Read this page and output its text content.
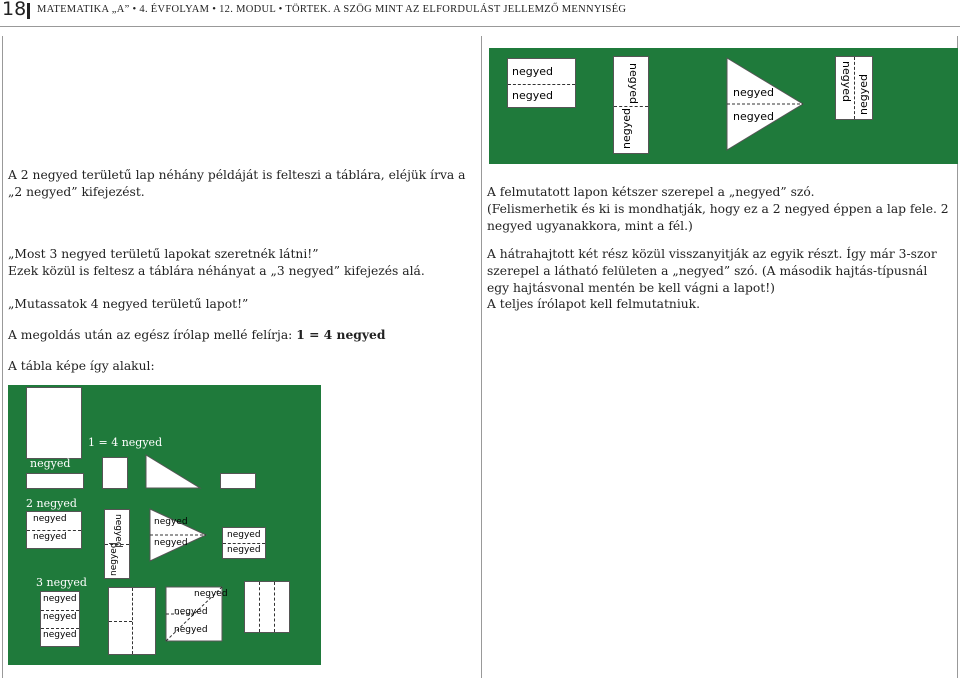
18 MATEMATIKA „A” • 4. ÉVFOLYAM • 12. MODUL • TÖRTEK. A SZÖG MINT AZ ELFORDULÁST JELLEMZŐ MENNYISÉG
A 2 negyed területű lap néhány példáját is felteszi a táblára, eléjük írva a „2 negyed” kifejezést.
„Most 3 negyed területű lapokat szeretnék látni!”
Ezek közül is feltesz a táblára néhányat a „3 negyed” kifejezés alá.
„Mutassatok 4 negyed területű lapot!”
A megoldás után az egész írólap mellé felírja: 1 = 4 negyed
A tábla képe így alakul:
A felmutatott lapon kétszer szerepel a „negyed” szó.
(Felismerhetik és ki is mondhatják, hogy ez a 2 negyed éppen a lap fele. 2 negyed ugyanakkora, mint a fél.)
A hátrahajtott két rész közül visszanyitják az egyik részt. Így már 3-szor szerepel a látható felületen a „negyed” szó. (A második hajtás-típusnál egy hajtásvonal mentén be kell vágni a lapot!)
A teljes írólapot kell felmutatniuk.
negyed
negyed	negyed
negyed
negyed
negyed
negyed negyed
1 = 4 negyed
negyed
2 negyed
negyed
negyed	negyed
negyed
negyed
negyed
negyed
negyed
3 negyed
negyed
negyed
negyed
negyed
negyed
negyed
